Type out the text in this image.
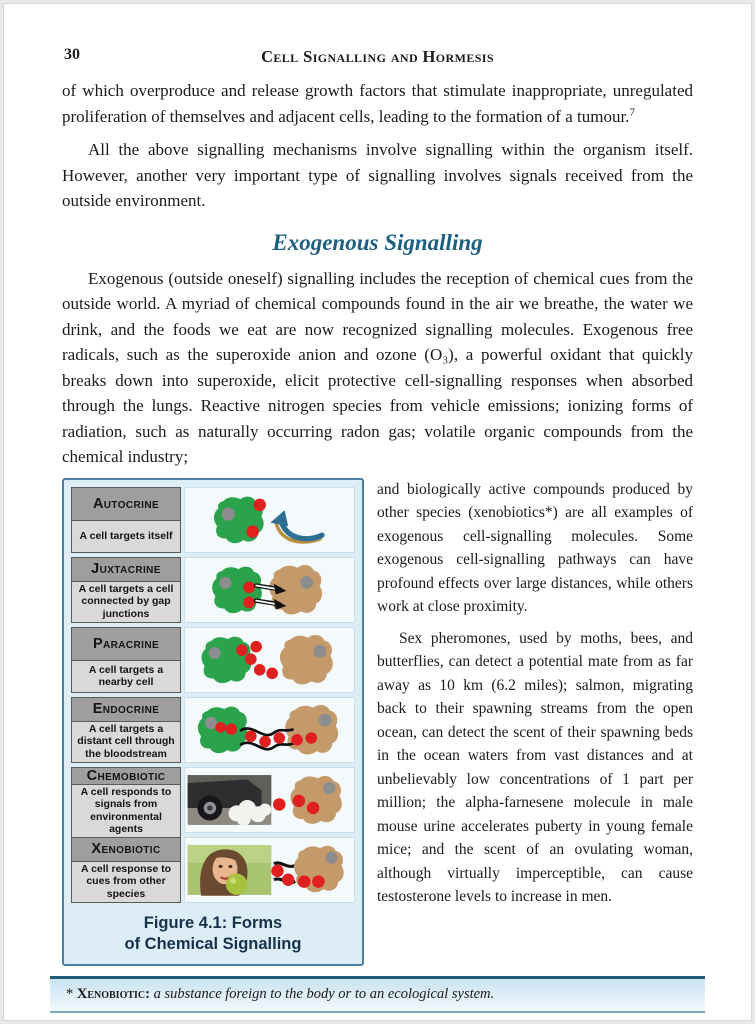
30	Cell Signalling and Hormesis

of which overproduce and release growth factors that stimulate inappropriate, unregulated proliferation of themselves and adjacent cells, leading to the formation of a tumour.$^7$

All the above signalling mechanisms involve signalling within the organism itself. However, another very important type of signalling involves signals received from the outside environment.

Exogenous Signalling

Exogenous (outside oneself) signalling includes the reception of chemical cues from the outside world. A myriad of chemical compounds found in the air we breathe, the water we drink, and the foods we eat are now recognized signalling molecules. Exogenous free radicals, such as the superoxide anion and ozone (O₃), a powerful oxidant that quickly breaks down into superoxide, elicit protective cell-signalling responses when absorbed through the lungs. Reactive nitrogen species from vehicle emissions; ionizing forms of radiation, such as naturally occurring radon gas; volatile organic compounds from the chemical industry;

Autocrine
A cell targets itself
Juxtacrine
A cell targets a cell connected by gap junctions
Paracrine
A cell targets a nearby cell
Endocrine
A cell targets a distant cell through the bloodstream
Chemobiotic
A cell responds to signals from environmental agents
Xenobiotic
A cell response to cues from other species
Figure 4.1: Forms
of Chemical Signalling

and biologically active compounds produced by other species (xenobiotics*) are all examples of exogenous cell-signalling molecules. Some exogenous cell-signalling pathways can have profound effects over large distances, while others work at close proximity.

Sex pheromones, used by moths, bees, and butterflies, can detect a potential mate from as far away as 10 km (6.2 miles); salmon, migrating back to their spawning streams from the open ocean, can detect the scent of their spawning beds in the ocean waters from vast distances and at unbelievably low concentrations of 1 part per million; the alpha-farnesene molecule in male mouse urine accelerates puberty in young female mice; and the scent of an ovulating woman, although virtually imperceptible, can cause testosterone levels to increase in men.

* Xenobiotic: a substance foreign to the body or to an ecological system.
